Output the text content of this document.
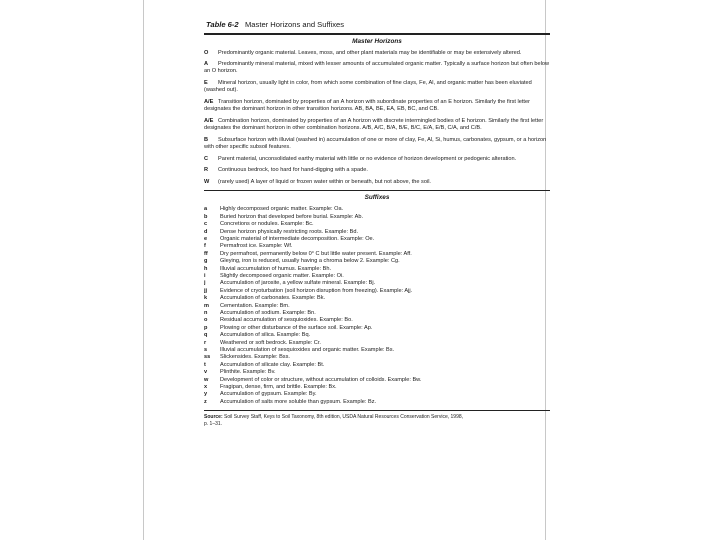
Table 6-2 Master Horizons and Suffixes
Master Horizons
O Predominantly organic material. Leaves, moss, and other plant materials may be identifiable or may be extensively altered.
A Predominantly mineral material, mixed with lesser amounts of accumulated organic matter. Typically a surface horizon but often below an O horizon.
E Mineral horizon, usually light in color, from which some combination of fine clays, Fe, Al, and organic matter has been eluviated (washed out).
A/E Transition horizon, dominated by properties of an A horizon with subordinate properties of an E horizon. Similarly the first letter designates the dominant horizon in other transition horizons. AB, BA, BE, EA, EB, BC, and CB.
A/E Combination horizon, dominated by properties of an A horizon with discrete intermingled bodies of E horizon. Similarly the first letter designates the dominant horizon in other combination horizons. A/B, A/C, B/A, B/E, B/C, E/A, E/B, C/A, and C/B.
B Subsurface horizon with illuvial (washed in) accumulation of one or more of clay, Fe, Al, Si, humus, carbonates, gypsum, or a horizon with other specific subsoil features.
C Parent material, unconsolidated earthy material with little or no evidence of horizon development or pedogenic alteration.
R Continuous bedrock, too hard for hand-digging with a spade.
W (rarely used) A layer of liquid or frozen water within or beneath, but not above, the soil.
Suffixes
a	Highly decomposed organic matter. Example: Oa.
b	Buried horizon that developed before burial. Example: Ab.
c	Concretions or nodules. Example: Bc.
d	Dense horizon physically restricting roots. Example: Bd.
e	Organic material of intermediate decomposition. Example: Oe.
f	Permafrost ice. Example: Wf.
ff	Dry permafrost, permanently below 0° C but little water present. Example: Aff.
g	Gleying, iron is reduced, usually having a chroma below 2. Example: Cg.
h	Illuvial accumulation of humus. Example: Bh.
i	Slightly decomposed organic matter. Example: Oi.
j	Accumulation of jarosite, a yellow sulfate mineral. Example: Bj.
jj	Evidence of cryoturbation (soil horizon disruption from freezing). Example: Ajj.
k	Accumulation of carbonates. Example: Bk.
m	Cementation. Example: Bm.
n	Accumulation of sodium. Example: Bn.
o	Residual accumulation of sesquioxides. Example: Bo.
p	Plowing or other disturbance of the surface soil. Example: Ap.
q	Accumulation of silica. Example: Bq.
r	Weathered or soft bedrock. Example: Cr.
s	Illuvial accumulation of sesquioxides and organic matter. Example: Bs.
ss	Slickensides. Example: Bss.
t	Accumulation of silicate clay. Example: Bt.
v	Plinthite. Example: Bv.
w	Development of color or structure, without accumulation of colloids. Example: Bw.
x	Fragipan, dense, firm, and brittle. Example: Bx.
y	Accumulation of gypsum. Example: By.
z	Accumulation of salts more soluble than gypsum. Example: Bz.
Source: Soil Survey Staff, Keys to Soil Taxonomy, 8th edition, USDA Natural Resources Conservation Service, 1998,
p. 1–31.
